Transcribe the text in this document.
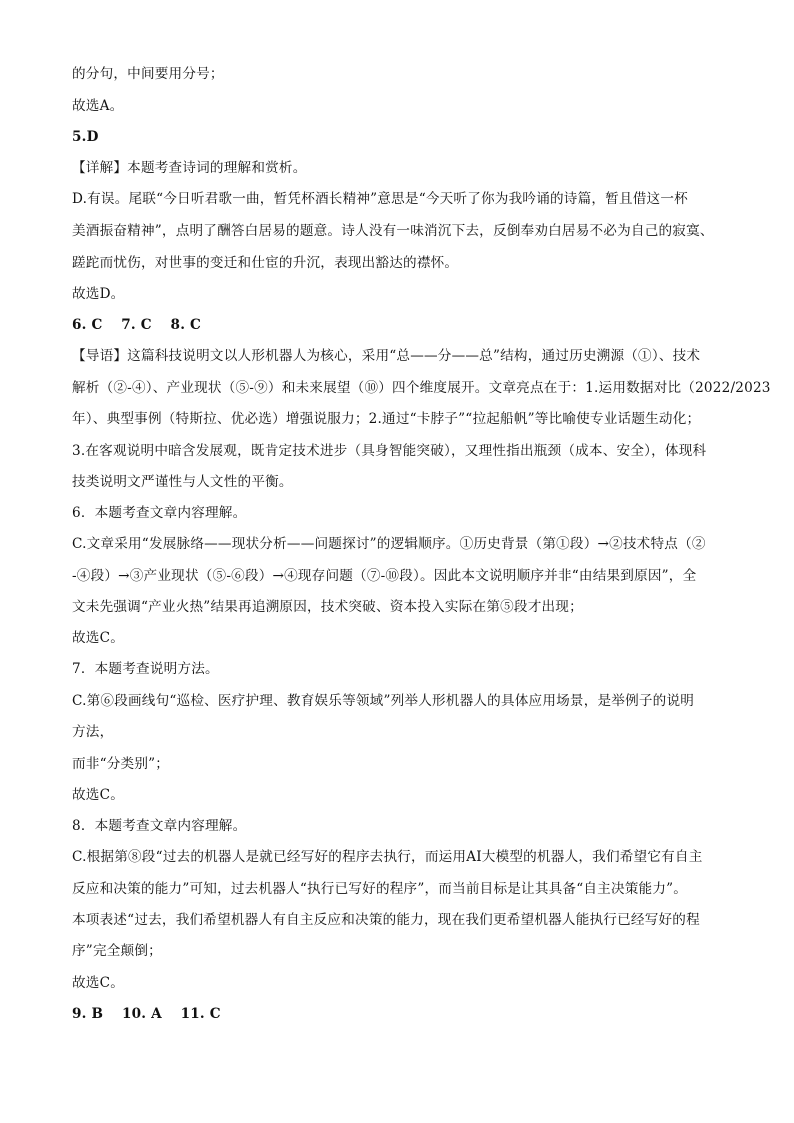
的分句，中间要用分号；
故选A。
5.D
【详解】本题考查诗词的理解和赏析。
D.有误。尾联“今日听君歌一曲，暂凭杯酒长精神”意思是“今天听了你为我吟诵的诗篇，暂且借这一杯
美酒振奋精神”，点明了酬答白居易的题意。诗人没有一味消沉下去，反倒奉劝白居易不必为自己的寂寞、
蹉跎而忧伤，对世事的变迁和仕宦的升沉，表现出豁达的襟怀。
故选D。
6. C　 7. C　 8. C
【导语】这篇科技说明文以人形机器人为核心，采用“总——分——总”结构，通过历史溯源（①）、技术
解析（②-④）、产业现状（⑤-⑨）和未来展望（⑩）四个维度展开。文章亮点在于：1.运用数据对比（2022/2023
年）、典型事例（特斯拉、优必选）增强说服力；2.通过“卡脖子”“拉起船帆”等比喻使专业话题生动化；
3.在客观说明中暗含发展观，既肯定技术进步（具身智能突破），又理性指出瓶颈（成本、安全），体现科
技类说明文严谨性与人文性的平衡。
6．本题考查文章内容理解。
C.文章采用“发展脉络——现状分析——问题探讨”的逻辑顺序。①历史背景（第①段）→②技术特点（②
-④段）→③产业现状（⑤-⑥段）→④现存问题（⑦-⑩段）。因此本文说明顺序并非“由结果到原因”，全
文未先强调“产业火热”结果再追溯原因，技术突破、资本投入实际在第⑤段才出现；
故选C。
7．本题考查说明方法。
C.第⑥段画线句“巡检、医疗护理、教育娱乐等领域”列举人形机器人的具体应用场景，是举例子的说明
方法，
而非“分类别”；
故选C。
8．本题考查文章内容理解。
C.根据第⑧段“过去的机器人是就已经写好的程序去执行，而运用AI大模型的机器人，我们希望它有自主
反应和决策的能力”可知，过去机器人“执行已写好的程序”，而当前目标是让其具备“自主决策能力”。
本项表述“过去，我们希望机器人有自主反应和决策的能力，现在我们更希望机器人能执行已经写好的程
序”完全颠倒；
故选C。
9. B　 10. A　 11. C
